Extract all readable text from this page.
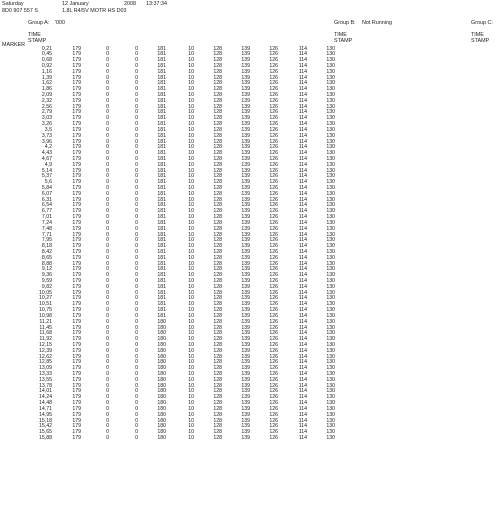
Saturday	12 January	2008 13:37:34
8D0 907 557 S	1,8L R4/5V MOTR HS D03
Group A: '000	Group B: Not Running	Group C:
TIME
STAMP
MARKER
TIME
STAMP
TIME
STAMP
0,21	179	0	0	181	10	128	139	126	114	130
0,45	179	0	0	181	10	128	139	126	114	130
0,68	179	0	0	181	10	128	139	126	114	130
0,92	179	0	0	181	10	128	139	126	114	130
1,16	179	0	0	181	10	128	139	126	114	130
1,39	179	0	0	181	10	128	139	126	114	130
1,62	179	0	0	181	10	128	139	126	114	130
1,86	179	0	0	181	10	128	139	126	114	130
2,09	179	0	0	181	10	128	139	126	114	130
2,32	179	0	0	181	10	128	139	126	114	130
2,56	179	0	0	181	10	128	139	126	114	130
2,79	179	0	0	181	10	128	139	126	114	130
3,03	179	0	0	181	10	128	139	126	114	130
3,26	179	0	0	181	10	128	139	126	114	130
3,5	179	0	0	181	10	128	139	126	114	130
3,73	179	0	0	181	10	128	139	126	114	130
3,96	179	0	0	181	10	128	139	126	114	130
4,2	179	0	0	181	10	128	139	126	114	130
4,43	179	0	0	181	10	128	139	126	114	130
4,67	179	0	0	181	10	128	139	126	114	130
4,9	179	0	0	181	10	128	139	126	114	130
5,14	179	0	0	181	10	128	139	126	114	130
5,37	179	0	0	181	10	128	139	126	114	130
5,6	179	0	0	181	10	128	139	126	114	130
5,84	179	0	0	181	10	128	139	126	114	130
6,07	179	0	0	181	10	128	139	126	114	130
6,31	179	0	0	181	10	128	139	126	114	130
6,54	179	0	0	181	10	128	139	126	114	130
6,77	179	0	0	181	10	128	139	126	114	130
7,01	179	0	0	181	10	128	139	126	114	130
7,24	179	0	0	181	10	128	139	126	114	130
7,48	179	0	0	181	10	128	139	126	114	130
7,71	179	0	0	181	10	128	139	126	114	130
7,95	179	0	0	181	10	128	139	126	114	130
8,18	179	0	0	181	10	128	139	126	114	130
8,42	179	0	0	181	10	128	139	126	114	130
8,65	179	0	0	181	10	128	139	126	114	130
8,88	179	0	0	181	10	128	139	126	114	130
9,12	179	0	0	181	10	128	139	126	114	130
9,36	179	0	0	181	10	128	139	126	114	130
9,59	179	0	0	181	10	128	139	126	114	130
9,82	179	0	0	181	10	128	139	126	114	130
10,05	179	0	0	181	10	128	139	126	114	130
10,27	179	0	0	181	10	128	139	126	114	130
10,51	179	0	0	181	10	128	139	126	114	130
10,75	179	0	0	181	10	128	139	126	114	130
10,98	179	0	0	181	10	128	139	126	114	130
11,21	179	0	0	180	10	128	139	126	114	130
11,45	179	0	0	180	10	128	139	126	114	130
11,68	179	0	0	180	10	128	139	126	114	130
11,92	179	0	0	180	10	128	139	126	114	130
12,15	179	0	0	180	10	128	139	126	114	130
12,39	179	0	0	180	10	128	139	126	114	130
12,62	179	0	0	180	10	128	139	126	114	130
12,85	179	0	0	180	10	128	139	126	114	130
13,09	179	0	0	180	10	128	139	126	114	130
13,33	179	0	0	180	10	128	139	126	114	130
13,55	179	0	0	180	10	128	139	126	114	130
13,78	179	0	0	180	10	128	139	126	114	130
14,01	179	0	0	180	10	128	139	126	114	130
14,24	179	0	0	180	10	128	139	126	114	130
14,48	179	0	0	180	10	128	139	126	114	130
14,71	179	0	0	180	10	128	139	126	114	130
14,95	179	0	0	180	10	128	139	126	114	130
15,18	179	0	0	180	10	128	139	126	114	130
15,42	179	0	0	180	10	128	139	126	114	130
15,65	179	0	0	180	10	128	139	126	114	130
15,88	179	0	0	180	10	128	139	126	114	130
